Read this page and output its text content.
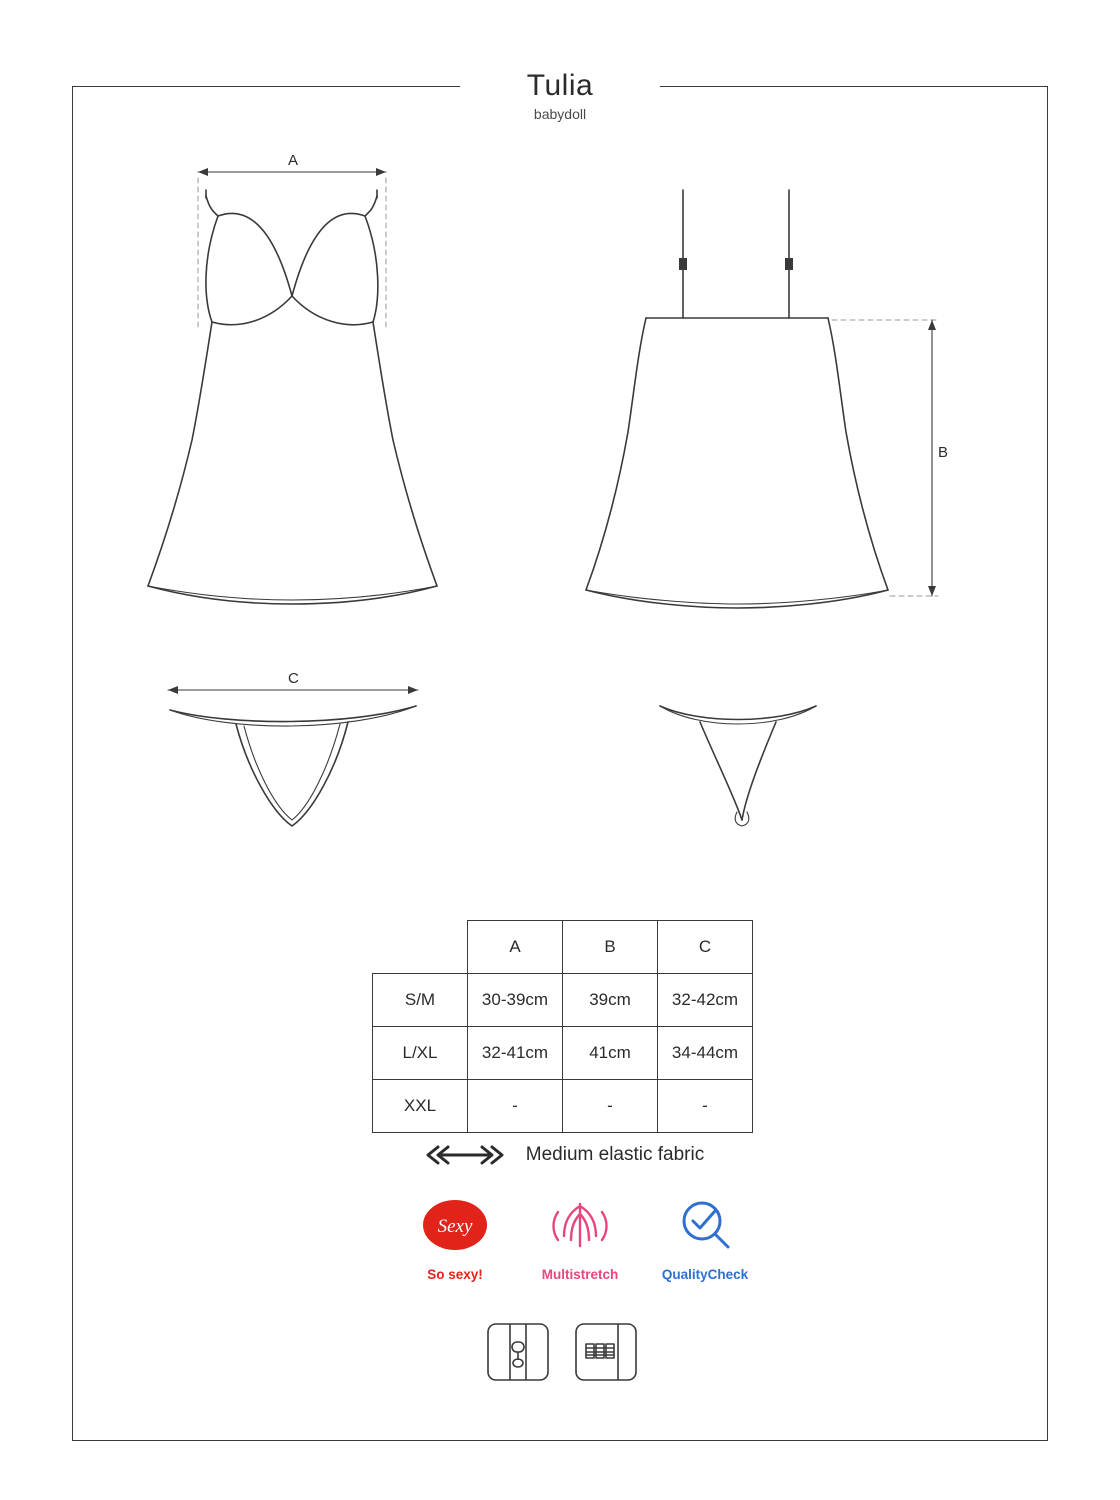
Tulia
babydoll
A
B
C
	A	B	C
S/M	30-39cm	39cm	32-42cm
L/XL	32-41cm	41cm	34-44cm
XXL	-	-	-
Medium elastic fabric
Sexy
So sexy!	Multistretch	QualityCheck
